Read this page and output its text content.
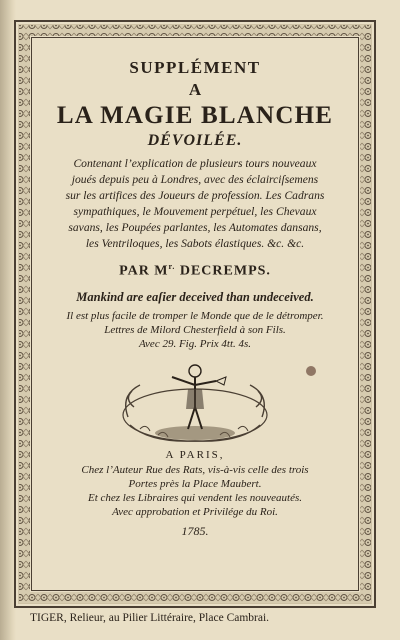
SUPPLÉMENT
A
LA MAGIE BLANCHE
DÉVOILÉE.
Contenant l’explication de plusieurs tours nouveaux
joués depuis peu à Londres, avec des éclairciſsemens
sur les artifices des Joueurs de profession. Les Cadrans
sympathiques, le Mouvement perpétuel, les Chevaux
savans, les Poupées parlantes, les Automates dansans,
les Ventriloques, les Sabots élastiques. &c. &c.
PAR $M^{r.}$ DECREMPS.
Mankind are eaſier deceived than undeceived.
Il est plus facile de tromper le Monde que de le détromper.
Lettres de Milord Chesterfield à son Fils.
Avec 29. Fig. Prix 4tt. 4s.
A PARIS,
Chez l’Auteur Rue des Rats, vis-à-vis celle des trois
Portes près la Place Maubert.
Et chez les Libraires qui vendent les nouveautés.
Avec approbation et Privilége du Roi.
1785.
TIGER, Relieur, au Pilier Littéraire, Place Cambrai.
